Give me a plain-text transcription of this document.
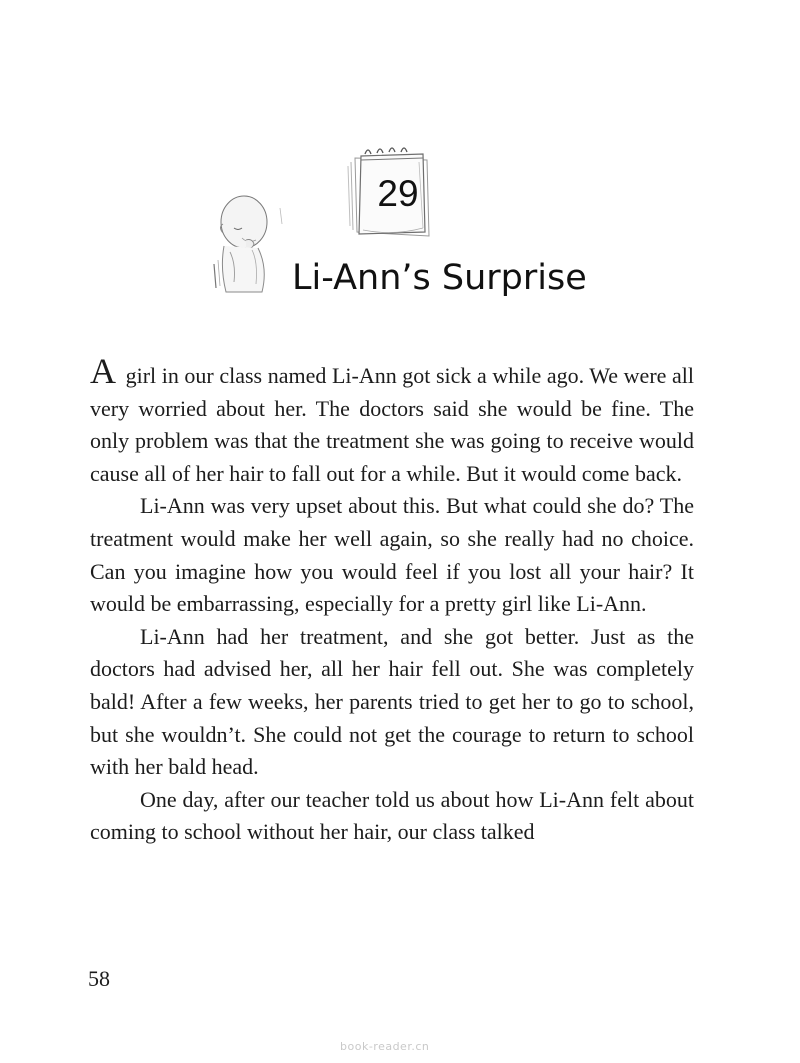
29
Li-Ann’s Surprise

A girl in our class named Li-Ann got sick a while ago. We were all very worried about her. The doctors said she would be fine. The only problem was that the treatment she was going to receive would cause all of her hair to fall out for a while. But it would come back.

Li-Ann was very upset about this. But what could she do? The treatment would make her well again, so she really had no choice. Can you imagine how you would feel if you lost all your hair? It would be embarrassing, especially for a pretty girl like Li-Ann.

Li-Ann had her treatment, and she got better. Just as the doctors had advised her, all her hair fell out. She was completely bald! After a few weeks, her parents tried to get her to go to school, but she wouldn’t. She could not get the courage to return to school with her bald head.

One day, after our teacher told us about how Li-Ann felt about coming to school without her hair, our class talked

58
book-reader.cn
